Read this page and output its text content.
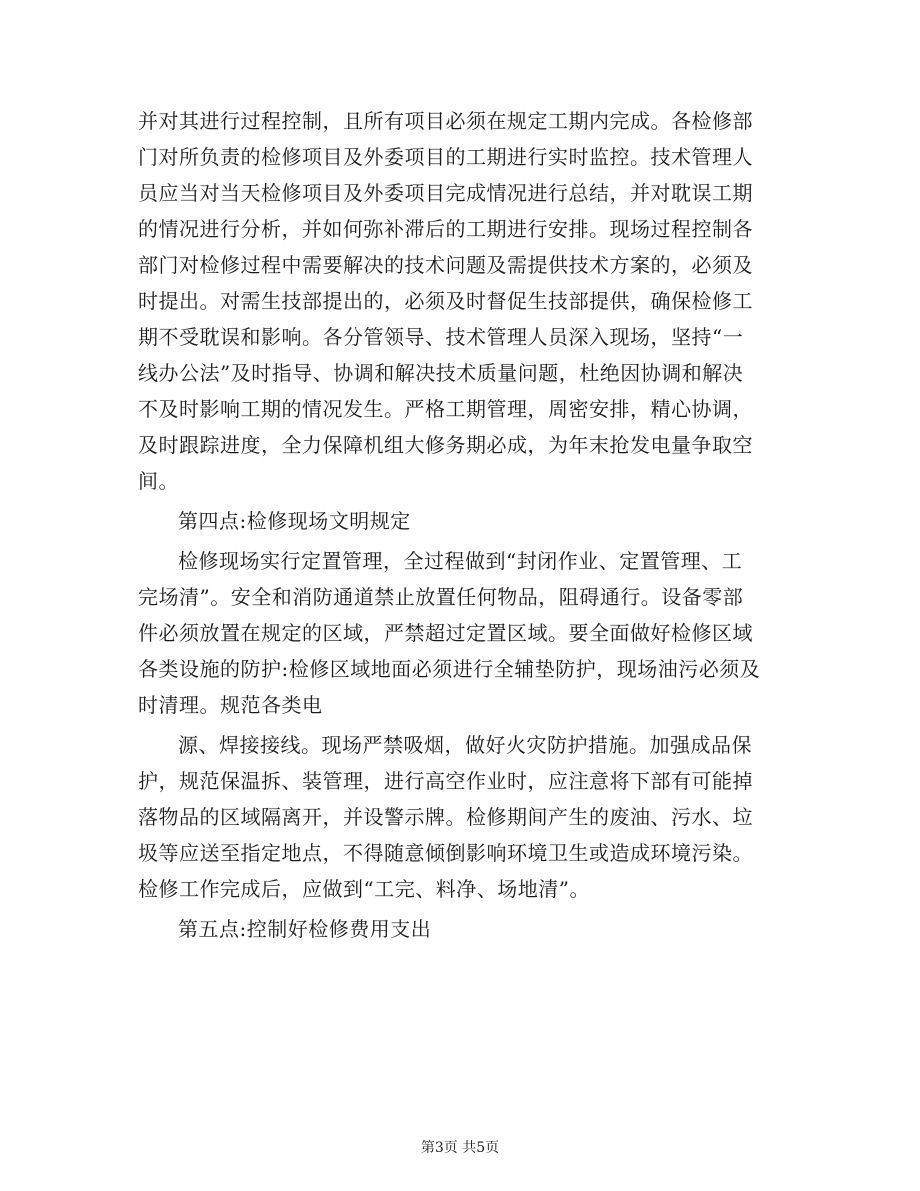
并对其进行过程控制，且所有项目必须在规定工期内完成。各检修部
门对所负责的检修项目及外委项目的工期进行实时监控。技术管理人
员应当对当天检修项目及外委项目完成情况进行总结，并对耽误工期
的情况进行分析，并如何弥补滞后的工期进行安排。现场过程控制各
部门对检修过程中需要解决的技术问题及需提供技术方案的，必须及
时提出。对需生技部提出的，必须及时督促生技部提供，确保检修工
期不受耽误和影响。各分管领导、技术管理人员深入现场，坚持“一
线办公法”及时指导、协调和解决技术质量问题，杜绝因协调和解决
不及时影响工期的情况发生。严格工期管理，周密安排，精心协调，
及时跟踪进度，全力保障机组大修务期必成，为年末抢发电量争取空
间。
第四点:检修现场文明规定
检修现场实行定置管理，全过程做到“封闭作业、定置管理、工
完场清”。安全和消防通道禁止放置任何物品，阻碍通行。设备零部
件必须放置在规定的区域，严禁超过定置区域。要全面做好检修区域
各类设施的防护:检修区域地面必须进行全辅垫防护，现场油污必须及
时清理。规范各类电
源、焊接接线。现场严禁吸烟，做好火灾防护措施。加强成品保
护，规范保温拆、装管理，进行高空作业时，应注意将下部有可能掉
落物品的区域隔离开，并设警示牌。检修期间产生的废油、污水、垃
圾等应送至指定地点，不得随意倾倒影响环境卫生或造成环境污染。
检修工作完成后，应做到“工完、料净、场地清”。
第五点:控制好检修费用支出
第3页 共5页
